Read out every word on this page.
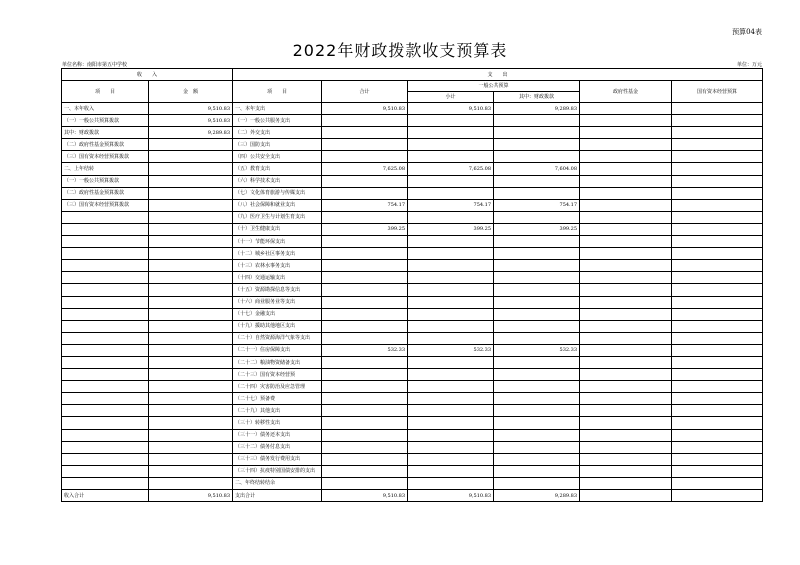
预算04表
2022年财政拨款收支预算表
单位名称：南阳市第五中学校	单位：万元
收　　入		支　　出					
项　　目	金　额	项　　目	合计	一般公共预算		政府性基金	国有资本经营预算
				小计	其中：财政拨款		
一、本年收入	9,510.83	一、本年支出	9,510.83	9,510.83	9,289.83		
（一）一般公共预算拨款	9,510.83	（一）一般公共服务支出					
其中：财政拨款	9,289.83	（二）外交支出					
（二）政府性基金预算拨款		（三）国防支出					
（三）国有资本经营预算拨款		（四）公共安全支出					
二、上年结转		（五）教育支出	7,625.08	7,625.08	7,604.08		
（一）一般公共预算拨款		（六）科学技术支出					
（二）政府性基金预算拨款		（七）文化体育旅游与传媒支出					
（三）国有资本经营预算拨款		（八）社会保障和就业支出	754.17	754.17	754.17		
		（九）医疗卫生与计划生育支出					
		（十）卫生健康支出	399.25	399.25	399.25		
		（十一）节能环保支出					
		（十二）城乡社区事务支出					
		（十三）农林水事务支出					
		（十四）交通运输支出					
		（十五）资源勘探信息等支出					
		（十六）商业服务业等支出					
		（十七）金融支出					
		（十九）援助其他地区支出					
		（二十）自然资源海洋气象等支出					
		（二十一）住房保障支出	532.33	532.33	532.33		
		（二十二）粮油物资储备支出					
		（二十三）国有资本经营预					
		（二十四）灾害防治及应急管理					
		（二十七）预备费					
		（二十九）其他支出					
		（三十）转移性支出					
		（三十一）债务还本支出					
		（三十二）债务付息支出					
		（三十三）债务发行费用支出					
		（三十四）抗疫特别国债安排的支出					
		二、年终结转结余					
收入合计	9,510.83	支出合计	9,510.83	9,510.83	9,289.83		
